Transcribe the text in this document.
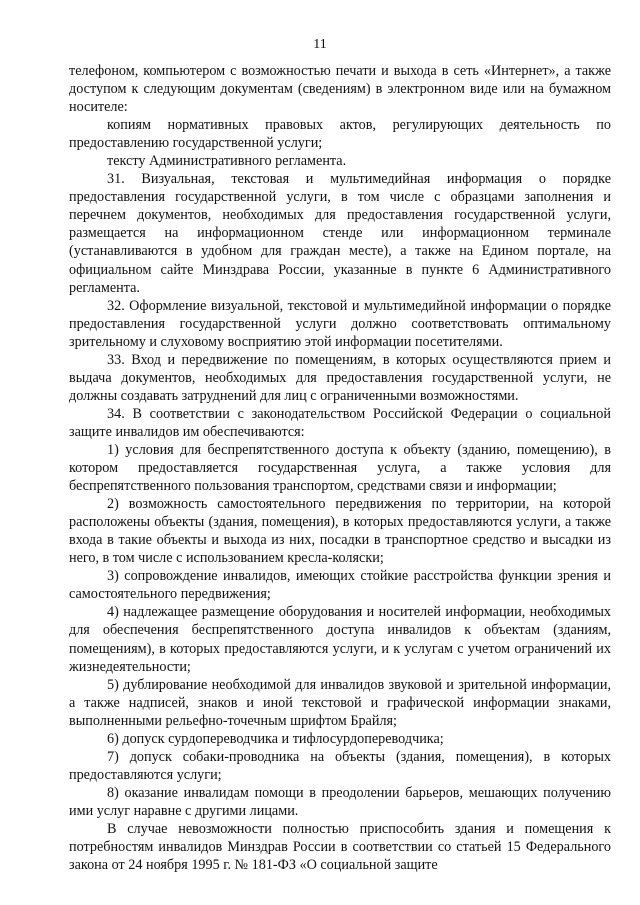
11

телефоном, компьютером с возможностью печати и выхода в сеть «Интернет», а также доступом к следующим документам (сведениям) в электронном виде или на бумажном носителе:

копиям нормативных правовых актов, регулирующих деятельность по предоставлению государственной услуги;

тексту Административного регламента.

31. Визуальная, текстовая и мультимедийная информация о порядке предоставления государственной услуги, в том числе с образцами заполнения и перечнем документов, необходимых для предоставления государственной услуги, размещается на информационном стенде или информационном терминале (устанавливаются в удобном для граждан месте), а также на Едином портале, на официальном сайте Минздрава России, указанные в пункте 6 Административного регламента.

32. Оформление визуальной, текстовой и мультимедийной информации о порядке предоставления государственной услуги должно соответствовать оптимальному зрительному и слуховому восприятию этой информации посетителями.

33. Вход и передвижение по помещениям, в которых осуществляются прием и выдача документов, необходимых для предоставления государственной услуги, не должны создавать затруднений для лиц с ограниченными возможностями.

34. В соответствии с законодательством Российской Федерации о социальной защите инвалидов им обеспечиваются:

1) условия для беспрепятственного доступа к объекту (зданию, помещению), в котором предоставляется государственная услуга, а также условия для беспрепятственного пользования транспортом, средствами связи и информации;

2) возможность самостоятельного передвижения по территории, на которой расположены объекты (здания, помещения), в которых предоставляются услуги, а также входа в такие объекты и выхода из них, посадки в транспортное средство и высадки из него, в том числе с использованием кресла-коляски;

3) сопровождение инвалидов, имеющих стойкие расстройства функции зрения и самостоятельного передвижения;

4) надлежащее размещение оборудования и носителей информации, необходимых для обеспечения беспрепятственного доступа инвалидов к объектам (зданиям, помещениям), в которых предоставляются услуги, и к услугам с учетом ограничений их жизнедеятельности;

5) дублирование необходимой для инвалидов звуковой и зрительной информации, а также надписей, знаков и иной текстовой и графической информации знаками, выполненными рельефно-точечным шрифтом Брайля;

6) допуск сурдопереводчика и тифлосурдопереводчика;

7) допуск собаки-проводника на объекты (здания, помещения), в которых предоставляются услуги;

8) оказание инвалидам помощи в преодолении барьеров, мешающих получению ими услуг наравне с другими лицами.

В случае невозможности полностью приспособить здания и помещения к потребностям инвалидов Минздрав России в соответствии со статьей 15 Федерального закона от 24 ноября 1995 г. № 181-ФЗ «О социальной защите
